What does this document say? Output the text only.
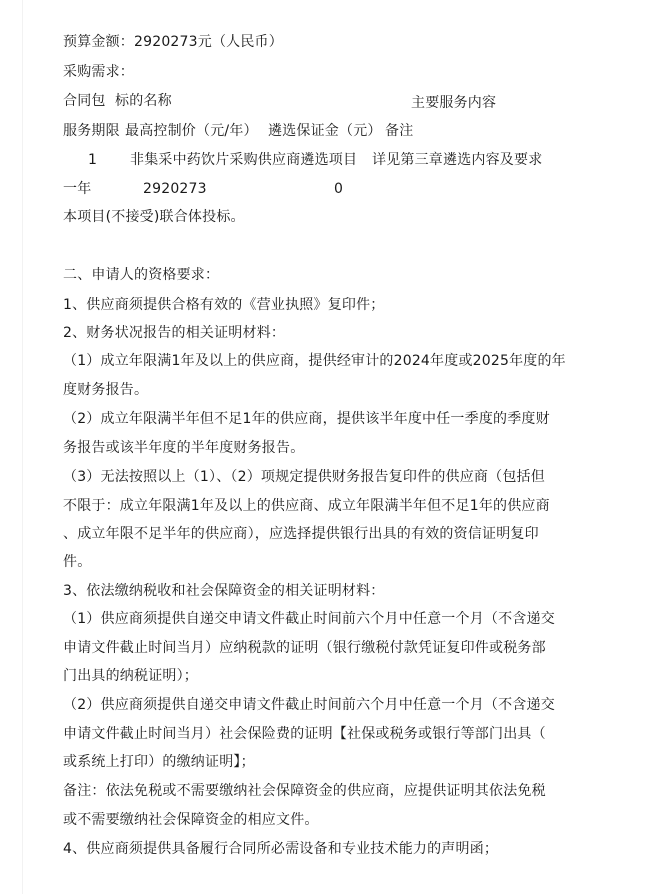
预算金额：2920273元（人民币）
采购需求：
合同包 标的名称	主要服务内容
服务期限 最高控制价（元/年） 遴选保证金（元） 备注
1 非集采中药饮片采购供应商遴选项目 详见第三章遴选内容及要求
一年	2920273	0
本项目(不接受)联合体投标。
二、申请人的资格要求：
1、供应商须提供合格有效的《营业执照》复印件；
2、财务状况报告的相关证明材料：
（1）成立年限满1年及以上的供应商，提供经审计的2024年度或2025年度的年
度财务报告。
（2）成立年限满半年但不足1年的供应商，提供该半年度中任一季度的季度财
务报告或该半年度的半年度财务报告。
（3）无法按照以上（1）、（2）项规定提供财务报告复印件的供应商（包括但
不限于：成立年限满1年及以上的供应商、成立年限满半年但不足1年的供应商
、成立年限不足半年的供应商），应选择提供银行出具的有效的资信证明复印
件。
3、依法缴纳税收和社会保障资金的相关证明材料：
（1）供应商须提供自递交申请文件截止时间前六个月中任意一个月（不含递交
申请文件截止时间当月）应纳税款的证明（银行缴税付款凭证复印件或税务部
门出具的纳税证明）；
（2）供应商须提供自递交申请文件截止时间前六个月中任意一个月（不含递交
申请文件截止时间当月）社会保险费的证明【社保或税务或银行等部门出具（
或系统上打印）的缴纳证明】；
备注：依法免税或不需要缴纳社会保障资金的供应商，应提供证明其依法免税
或不需要缴纳社会保障资金的相应文件。
4、供应商须提供具备履行合同所必需设备和专业技术能力的声明函；
